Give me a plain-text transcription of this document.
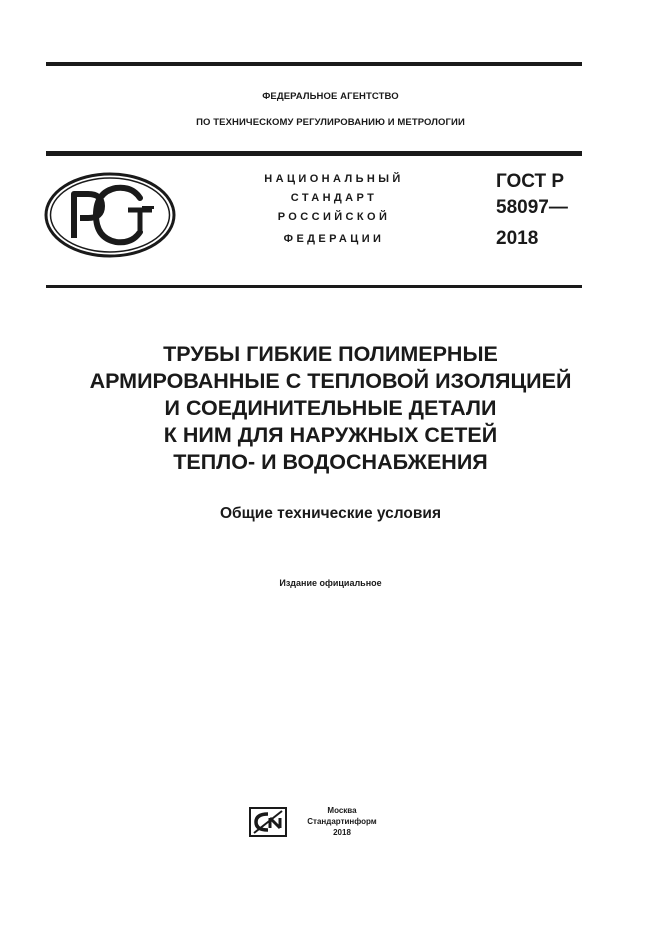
ФЕДЕРАЛЬНОЕ АГЕНТСТВО
ПО ТЕХНИЧЕСКОМУ РЕГУЛИРОВАНИЮ И МЕТРОЛОГИИ
НАЦИОНАЛЬНЫЙ
СТАНДАРТ
РОССИЙСКОЙ
ФЕДЕРАЦИИ
ГОСТ Р
58097—
2018
ТРУБЫ ГИБКИЕ ПОЛИМЕРНЫЕ
АРМИРОВАННЫЕ С ТЕПЛОВОЙ ИЗОЛЯЦИЕЙ
И СОЕДИНИТЕЛЬНЫЕ ДЕТАЛИ
К НИМ ДЛЯ НАРУЖНЫХ СЕТЕЙ
ТЕПЛО- И ВОДОСНАБЖЕНИЯ
Общие технические условия
Издание официальное
Москва
Стандартинформ
2018
